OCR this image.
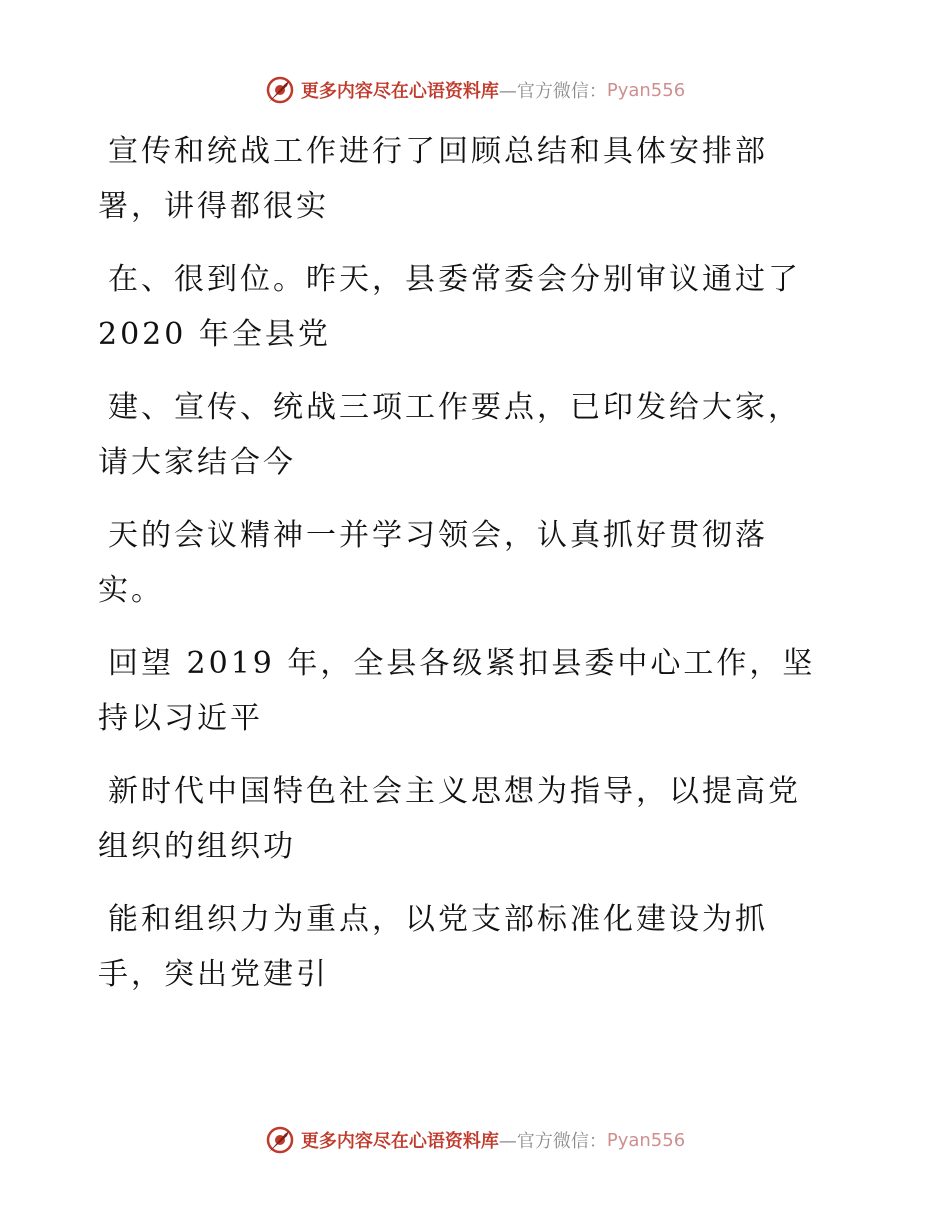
更多内容尽在心语资料库 —官方微信： Pyan556

宣传和统战工作进行了回顾总结和具体安排部
署，讲得都很实

在、很到位。昨天，县委常委会分别审议通过了
2020 年全县党

建、宣传、统战三项工作要点，已印发给大家，
请大家结合今

天的会议精神一并学习领会，认真抓好贯彻落
实。

回望 2019 年，全县各级紧扣县委中心工作，坚
持以习近平

新时代中国特色社会主义思想为指导，以提高党
组织的组织功

能和组织力为重点，以党支部标准化建设为抓
手，突出党建引

更多内容尽在心语资料库 —官方微信： Pyan556
